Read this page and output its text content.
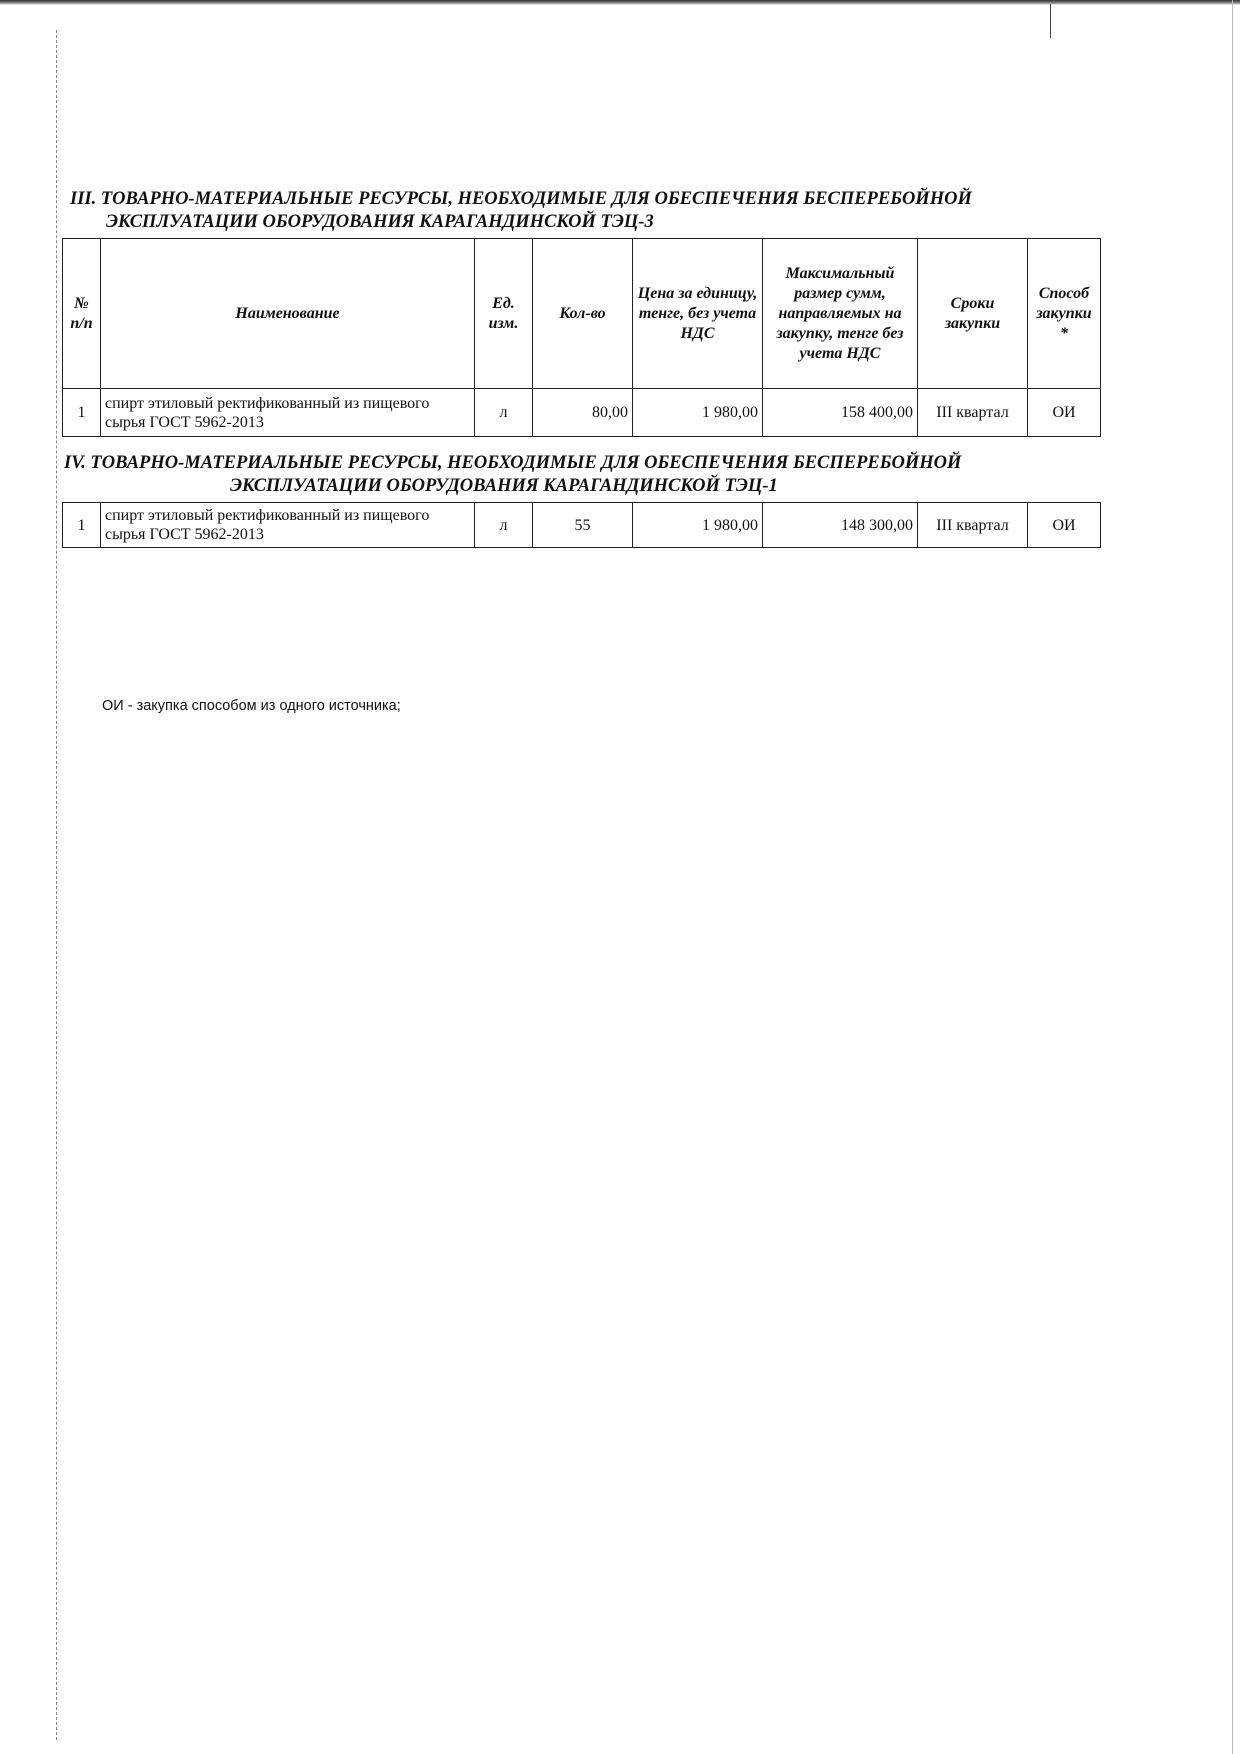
III. ТОВАРНО-МАТЕРИАЛЬНЫЕ РЕСУРСЫ, НЕОБХОДИМЫЕ ДЛЯ ОБЕСПЕЧЕНИЯ БЕСПЕРЕБОЙНОЙ
ЭКСПЛУАТАЦИИ ОБОРУДОВАНИЯ КАРАГАНДИНСКОЙ ТЭЦ-3
№ п/п	Наименование	Ед. изм.	Кол-во	Цена за единицу, тенге, без учета НДС	Максимальный размер сумм, направляемых на закупку, тенге без учета НДС	Сроки закупки	Способ закупки *
1	спирт этиловый ректификованный из пищевого сырья ГОСТ 5962-2013	л	80,00	1 980,00	158 400,00	III квартал	ОИ
IV. ТОВАРНО-МАТЕРИАЛЬНЫЕ РЕСУРСЫ, НЕОБХОДИМЫЕ ДЛЯ ОБЕСПЕЧЕНИЯ БЕСПЕРЕБОЙНОЙ
ЭКСПЛУАТАЦИИ ОБОРУДОВАНИЯ КАРАГАНДИНСКОЙ ТЭЦ-1
1	спирт этиловый ректификованный из пищевого сырья ГОСТ 5962-2013	л	55	1 980,00	148 300,00	III квартал	ОИ
ОИ - закупка способом из одного источника;
